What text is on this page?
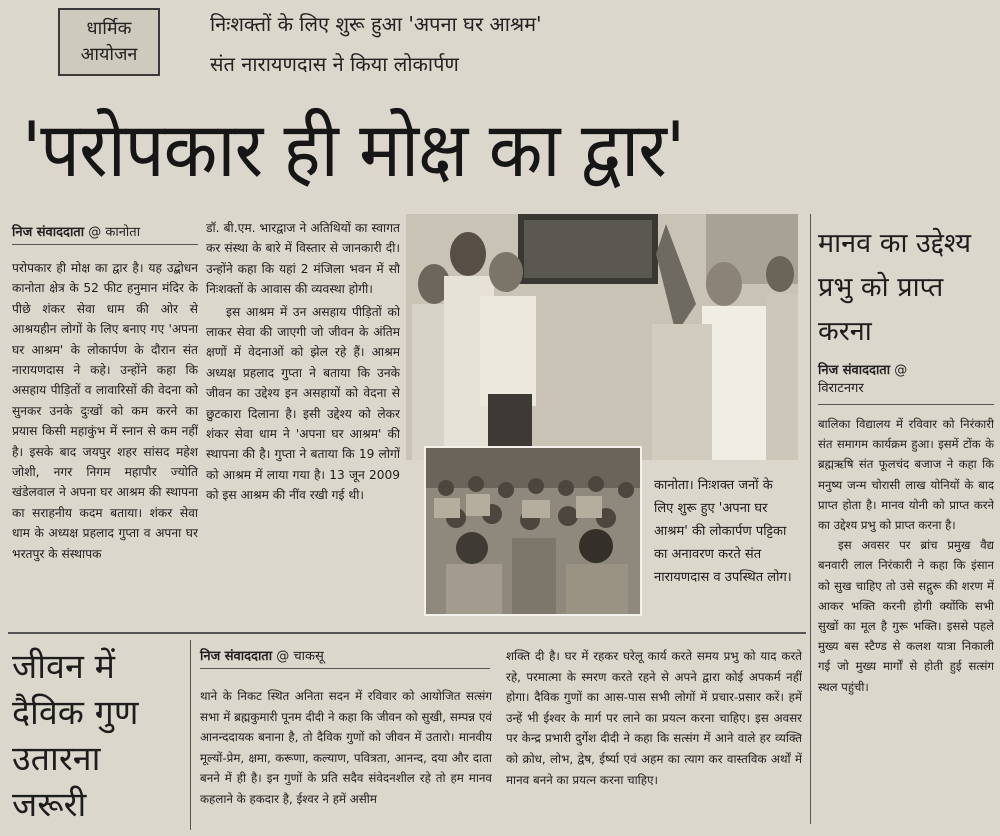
धार्मिक
आयोजन
निःशक्तों के लिए शुरू हुआ 'अपना घर आश्रम'
संत नारायणदास ने किया लोकार्पण
'परोपकार ही मोक्ष का द्वार'
निज संवाददाता @ कानोता

परोपकार ही मोक्ष का द्वार है। यह उद्बोधन कानोता क्षेत्र के 52 फीट हनुमान मंदिर के पीछे शंकर सेवा धाम की ओर से आश्रयहीन लोगों के लिए बनाए गए 'अपना घर आश्रम' के लोकार्पण के दौरान संत नारायणदास ने कहे। उन्होंने कहा कि असहाय पीड़ितों व लावारिसों की वेदना को सुनकर उनके दुःखों को कम करने का प्रयास किसी महाकुंभ में स्नान से कम नहीं है। इसके बाद जयपुर शहर सांसद महेश जोशी, नगर निगम महापौर ज्योति खंडेलवाल ने अपना घर आश्रम की स्थापना का सराहनीय कदम बताया। शंकर सेवा धाम के अध्यक्ष प्रहलाद गुप्ता व अपना घर भरतपुर के संस्थापक

डॉ. बी.एम. भारद्वाज ने अतिथियों का स्वागत कर संस्था के बारे में विस्तार से जानकारी दी। उन्होंने कहा कि यहां 2 मंजिला भवन में सौ निःशक्तों के आवास की व्यवस्था होगी।

इस आश्रम में उन असहाय पीड़ितों को लाकर सेवा की जाएगी जो जीवन के अंतिम क्षणों में वेदनाओं को झेल रहे हैं। आश्रम अध्यक्ष प्रहलाद गुप्ता ने बताया कि उनके जीवन का उद्देश्य इन असहायों को वेदना से छुटकारा दिलाना है। इसी उद्देश्य को लेकर शंकर सेवा धाम ने 'अपना घर आश्रम' की स्थापना की है। गुप्ता ने बताया कि 19 लोगों को आश्रम में लाया गया है। 13 जून 2009 को इस आश्रम की नींव रखी गई थी।

कानोता। निःशक्त जनों के लिए शुरू हुए 'अपना घर आश्रम' की लोकार्पण पट्टिका का अनावरण करते संत नारायणदास व उपस्थित लोग।
मानव का उद्देश्य प्रभु को प्राप्त करना
निज संवाददाता @
विराटनगर

बालिका विद्यालय में रविवार को निरंकारी संत समागम कार्यक्रम हुआ। इसमें टोंक के ब्रह्मऋषि संत फूलचंद बजाज ने कहा कि मनुष्य जन्म चोरासी लाख योनियों के बाद प्राप्त होता है। मानव योनी को प्राप्त करने का उद्देश्य प्रभु को प्राप्त करना है।

इस अवसर पर ब्रांच प्रमुख वैद्य बनवारी लाल निरंकारी ने कहा कि इंसान को सुख चाहिए तो उसे सद्गुरू की शरण में आकर भक्ति करनी होगी क्योंकि सभी सुखों का मूल है गुरू भक्ति। इससे पहले मुख्य बस स्टैण्ड से कलश यात्रा निकाली गई जो मुख्य मार्गों से होती हुई सत्संग स्थल पहुंची।

जीवन में दैविक गुण उतारना जरूरी
निज संवाददाता @ चाकसू
थाने के निकट स्थित अनिता सदन में रविवार को आयोजित सत्संग सभा में ब्रह्मकुमारी पूनम दीदी ने कहा कि जीवन को सुखी, सम्पन्न एवं आनन्ददायक बनाना है, तो दैविक गुणों को जीवन में उतारो। मानवीय मूल्यों-प्रेम, क्षमा, करूणा, कल्याण, पवित्रता, आनन्द, दया और दाता बनने में ही है। इन गुणों के प्रति सदैव संवेदनशील रहे तो हम मानव कहलाने के हकदार है, ईश्वर ने हमें असीम
शक्ति दी है। घर में रहकर घरेलू कार्य करते समय प्रभु को याद करते रहे, परमात्मा के स्मरण करते रहने से अपने द्वारा कोई अपकर्म नहीं होगा। दैविक गुणों का आस-पास सभी लोगों में प्रचार-प्रसार करें। हमें उन्हें भी ईश्वर के मार्ग पर लाने का प्रयत्न करना चाहिए। इस अवसर पर केन्द्र प्रभारी दुर्गेश दीदी ने कहा कि सत्संग में आने वाले हर व्यक्ति को क्रोध, लोभ, द्वेष, ईर्ष्या एवं अहम का त्याग कर वास्तविक अर्थों में मानव बनने का प्रयत्न करना चाहिए।
